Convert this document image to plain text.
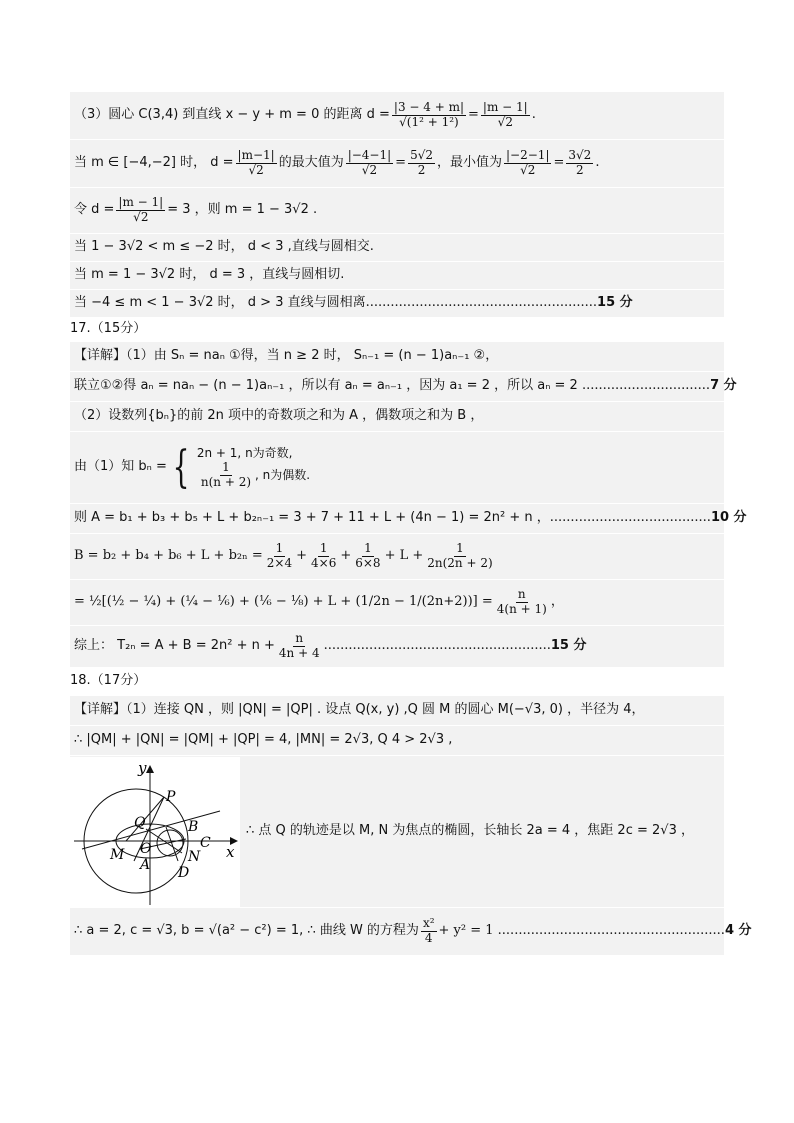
（3）圆心 C(3,4) 到直线 x − y + m = 0 的距离 $d = \frac{|3 - 4 + m|}{\text{√(1² + 1²)}} = \frac{|m - 1|}{√2}$ .
当 m ∈ [−4,−2] 时， $d = \frac{|m-1|}{√2}$ 的最大值为 $\frac{|-4-1|}{√2} = \frac{5√2}{2}$ ，最小值为 $\frac{|-2-1|}{√2} = \frac{3√2}{2}$ .
令 $d = \frac{|m - 1|}{√2} = 3$ ，则 m = 1 − 3√2 .
当 1 − 3√2 < m ≤ −2 时， d < 3 ,直线与圆相交.
当 m = 1 − 3√2 时， d = 3 ，直线与圆相切.
当 −4 ≤ m < 1 − 3√2 时， d > 3 直线与圆相离 ........................................................ 15 分
17.（15分）
【详解】（1）由 Sₙ = naₙ ①得，当 n ≥ 2 时， Sₙ₋₁ = (n − 1)aₙ₋₁ ②，
联立①②得 aₙ = naₙ − (n − 1)aₙ₋₁ ，所以有 aₙ = aₙ₋₁ ，因为 a₁ = 2 ，所以 aₙ = 2 . .............................. 7 分
（2）设数列{bₙ}的前 2n 项中的奇数项之和为 A ，偶数项之和为 B ，
由（1）知 bₙ = { 2n + 1, n为奇数,
$\frac{1}{n(n + 2)}$ , n为偶数.
则 A = b₁ + b₃ + b₅ + L + b₂ₙ₋₁ = 3 + 7 + 11 + L + (4n − 1) = 2n² + n ， ....................................... 10 分
$B = b_2 + b_4 + b_6 + L + b_{2n} = \frac{1}{2\times 4} + \frac{1}{4\times 6} + \frac{1}{6\times 8} + L + \frac{1}{2n(2n + 2)}$
= ½[(½ − ¼) + (¼ − ⅙) + (⅙ − ⅛) + $L + (1/2n - 1/(2n+2))] = \frac{n}{4(n + 1)}$ ，
综上： $T_{2n} = A + B = 2n^2 + n + \frac{n}{4n + 4}$ . ...................................................... 15 分
18.（17分）
【详解】（1）连接 QN ，则 |QN| = |QP| . 设点 Q(x, y) ,Q 圆 M 的圆心 M(−√3, 0) ，半径为 4，
∴ |QM| + |QN| = |QM| + |QP| = 4, |MN| = 2√3, Q 4 > 2√3 ,
y
x
P
Q	B
C
M O
A	N
D
∴ 点 Q 的轨迹是以 M, N 为焦点的椭圆，长轴长 2a = 4 ，焦距 2c = 2√3 ，
∴ a = 2, c = √3, b = √(a² − c²) = 1, ∴ 曲线 W 的方程为 $\frac{\text{x²}}{4} + y^2 = 1$ . ...................................................... 4 分
